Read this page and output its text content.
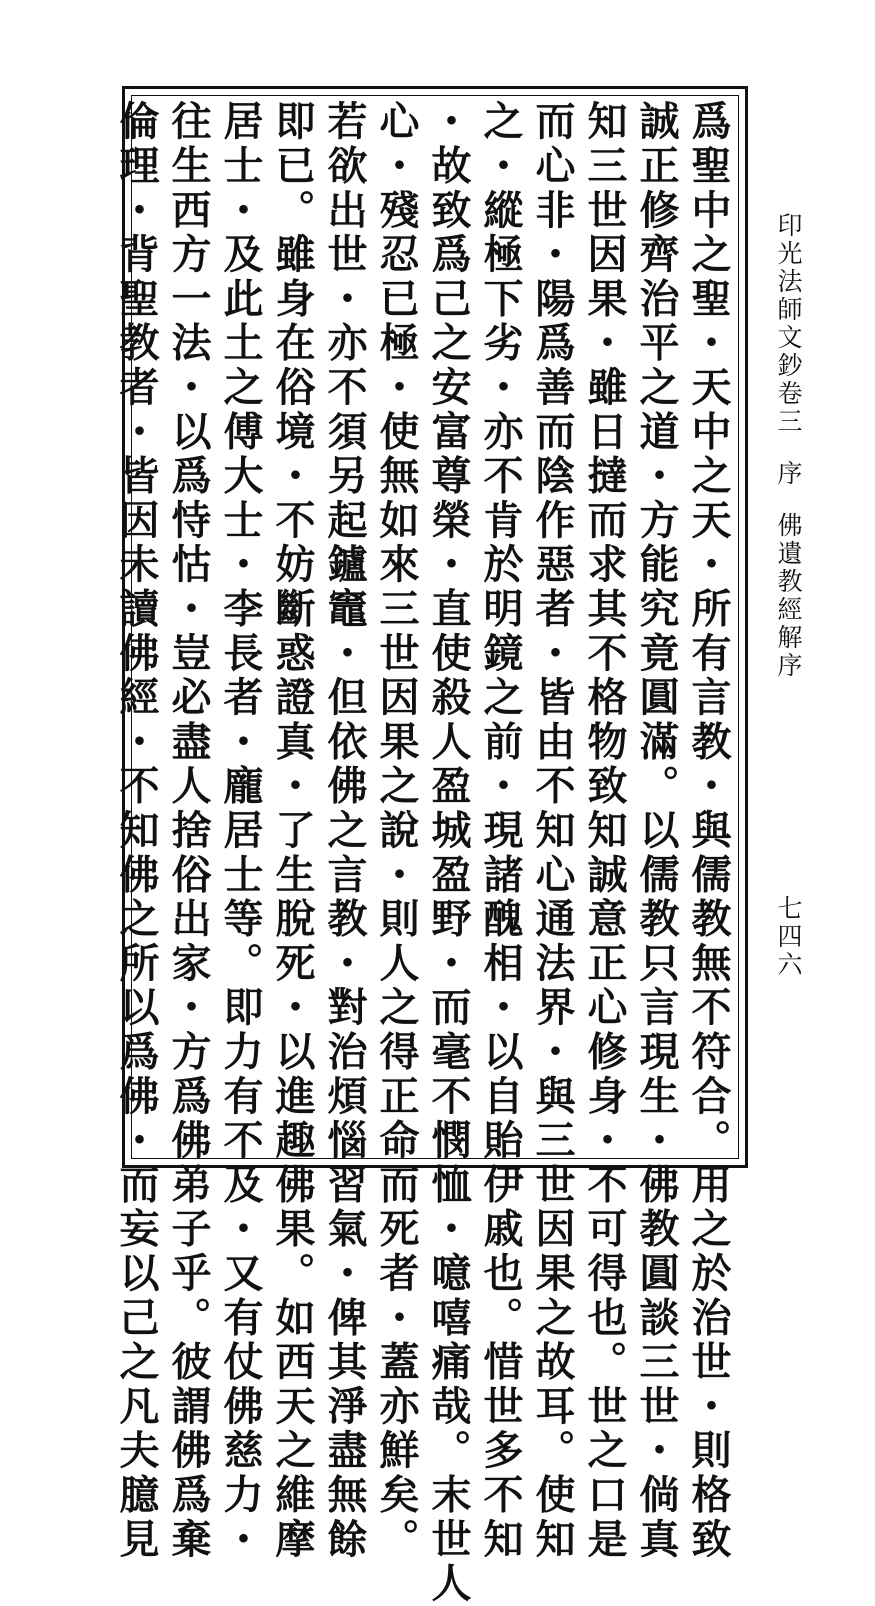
爲聖中之聖・天中之天・所有言教・與儒教無不符合。用之於治世・則格致
誠正修齊治平之道・方能究竟圓滿。以儒教只言現生・佛教圓談三世・倘真
知三世因果・雖日撻而求其不格物致知誠意正心修身・不可得也。世之口是
而心非・陽爲善而陰作惡者・皆由不知心通法界・與三世因果之故耳。使知
之・縱極下劣・亦不肯於明鏡之前・現諸醜相・以自貽伊戚也。惜世多不知
・故致爲己之安富尊榮・直使殺人盈城盈野・而毫不憫恤・噫嘻痛哉。末世人
心・殘忍已極・使無如來三世因果之說・則人之得正命而死者・蓋亦鮮矣。
若欲出世・亦不須另起鑪竈・但依佛之言教・對治煩惱習氣・俾其淨盡無餘
即已。雖身在俗境・不妨斷惑證真・了生脫死・以進趣佛果。如西天之維摩
居士・及此土之傅大士・李長者・龐居士等。即力有不及・又有仗佛慈力・
往生西方一法・以爲恃怙・豈必盡人捨俗出家・方爲佛弟子乎。彼謂佛爲棄
倫理・背聖教者・皆因未讀佛經・不知佛之所以爲佛・而妄以己之凡夫臆見	印光法師文鈔卷三序佛遺教經解序
七四六
